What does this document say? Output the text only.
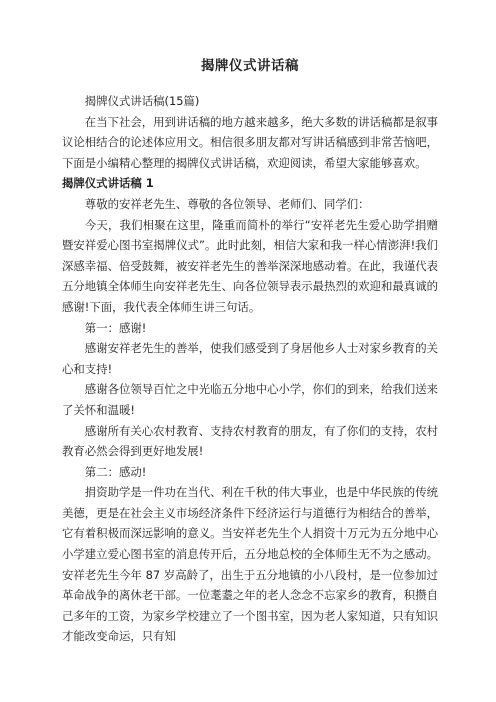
揭牌仪式讲话稿

揭牌仪式讲话稿(15篇)

在当下社会，用到讲话稿的地方越来越多，绝大多数的讲话稿都是叙事议论相结合的论述体应用文。相信很多朋友都对写讲话稿感到非常苦恼吧，下面是小编精心整理的揭牌仪式讲话稿，欢迎阅读，希望大家能够喜欢。

揭牌仪式讲话稿 1

尊敬的安祥老先生、尊敬的各位领导、老师们、同学们：

今天，我们相聚在这里，隆重而简朴的举行“安祥老先生爱心助学捐赠暨安祥爱心图书室揭牌仪式”。此时此刻，相信大家和我一样心情澎湃!我们深感幸福、倍受鼓舞，被安祥老先生的善举深深地感动着。在此，我谨代表五分地镇全体师生向安祥老先生、向各位领导表示最热烈的欢迎和最真诚的感谢!下面，我代表全体师生讲三句话。

第一：感谢!

感谢安祥老先生的善举，使我们感受到了身居他乡人士对家乡教育的关心和支持!

感谢各位领导百忙之中光临五分地中心小学，你们的到来，给我们送来了关怀和温暖!

感谢所有关心农村教育、支持农村教育的朋友，有了你们的支持，农村教育必然会得到更好地发展!

第二：感动!

捐资助学是一件功在当代、利在千秋的伟大事业，也是中华民族的传统美德，更是在社会主义市场经济条件下经济运行与道德行为相结合的善举，它有着积极而深远影响的意义。当安祥老先生个人捐资十万元为五分地中心小学建立爱心图书室的消息传开后，五分地总校的全体师生无不为之感动。安祥老先生今年 87 岁高龄了，出生于五分地镇的小八段村，是一位参加过革命战争的离休老干部。一位耄耋之年的老人念念不忘家乡的教育，积攒自己多年的工资，为家乡学校建立了一个图书室，因为老人家知道，只有知识才能改变命运，只有知
